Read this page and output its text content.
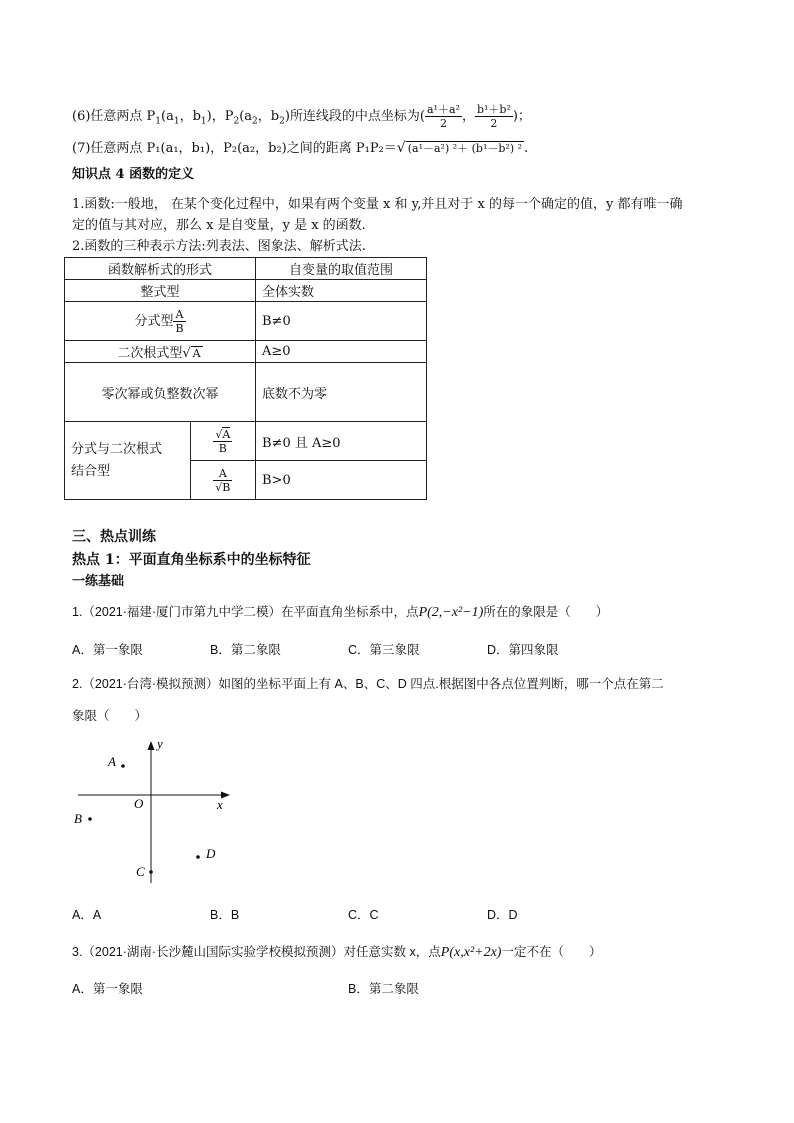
(6)任意两点 $P_1(a_1$，$b_1$)，$P_2(a_2$，$b_2$)所连线段的中点坐标为( $\frac{\text{a¹＋a²}}{2}$ ， $\frac{\text{b¹＋b²}}{2}$ )；
(7)任意两点 P₁(a₁，b₁)，P₂(a₂，b₂)之间的距离 P₁P₂＝√ (a¹－a²) ²＋ (b¹－b²) ² .
知识点 4 函数的定义
1.函数:一般地， 在某个变化过程中，如果有两个变量 x 和 y,并且对于 x 的每一个确定的值，y 都有唯一确
定的值与其对应，那么 x 是自变量，y 是 x 的函数.
2.函数的三种表示方法:列表法、图象法、解析式法.
函数解析式的形式		自变量的取值范围
整式型		全体实数
分式型 $\frac{A}{B}$		B≠0
二次根式型√ A		A≥0
零次幂或负整数次幂		底数不为零
分式与二次根式
结合型	$\frac{√A}{B}$	B≠0 且 A≥0

	$\frac{A}{√B}$	B>0
三、热点训练
热点 1：平面直角坐标系中的坐标特征
一练基础
1.（2021·福建·厦门市第九中学二模）在平面直角坐标系中，点P(2,−x²−1)所在的象限是（　　）
A．第一象限	B．第二象限	C．第三象限	D．第四象限
2.（2021·台湾·模拟预测）如图的坐标平面上有 A、B、C、D 四点.根据图中各点位置判断，哪一个点在第二
象限（　　）
y
x
O
A
B
C
D
A．A	B．B	C．C	D．D
3.（2021·湖南·长沙麓山国际实验学校模拟预测）对任意实数 x，点P(x,x²+2x)一定不在（　　）
A．第一象限	B．第二象限
